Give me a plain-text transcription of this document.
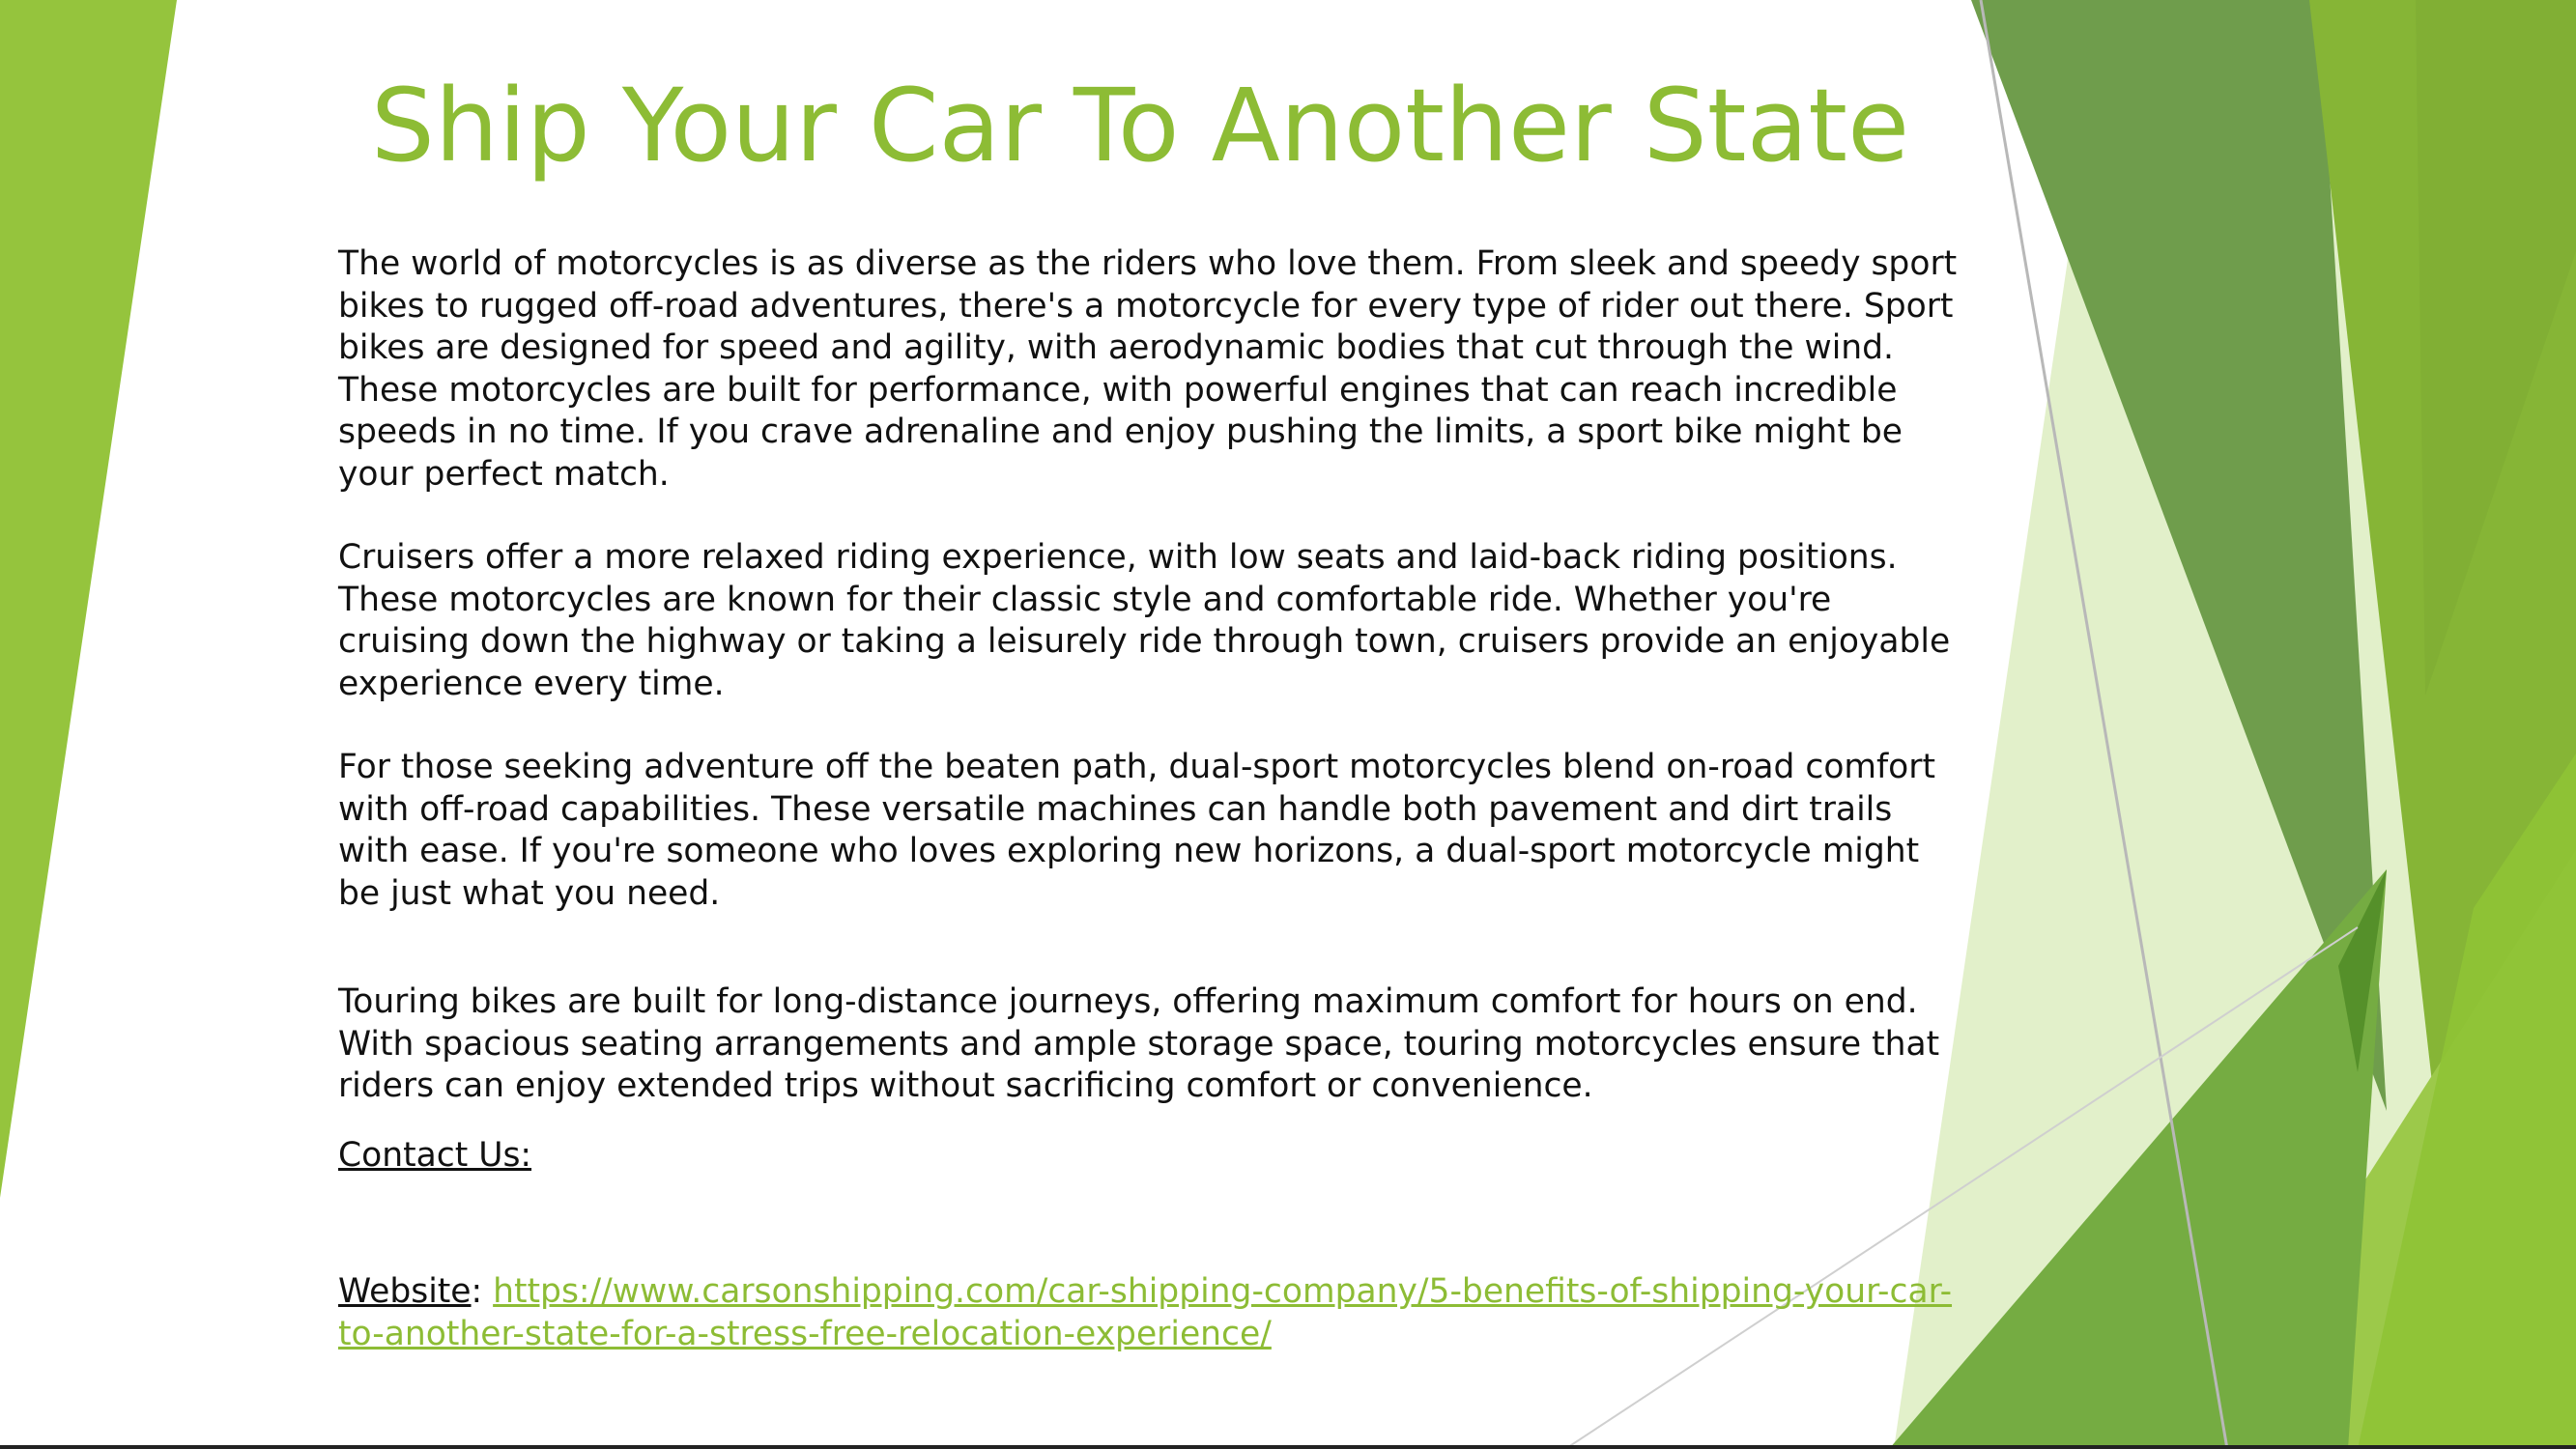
Ship Your Car To Another State

The world of motorcycles is as diverse as the riders who love them. From sleek and speedy sport bikes to rugged off-road adventures, there's a motorcycle for every type of rider out there. Sport bikes are designed for speed and agility, with aerodynamic bodies that cut through the wind. These motorcycles are built for performance, with powerful engines that can reach incredible speeds in no time. If you crave adrenaline and enjoy pushing the limits, a sport bike might be your perfect match.

Cruisers offer a more relaxed riding experience, with low seats and laid-back riding positions. These motorcycles are known for their classic style and comfortable ride. Whether you're cruising down the highway or taking a leisurely ride through town, cruisers provide an enjoyable experience every time.

For those seeking adventure off the beaten path, dual-sport motorcycles blend on-road comfort with off-road capabilities. These versatile machines can handle both pavement and dirt trails with ease. If you're someone who loves exploring new horizons, a dual-sport motorcycle might be just what you need.

Touring bikes are built for long-distance journeys, offering maximum comfort for hours on end. With spacious seating arrangements and ample storage space, touring motorcycles ensure that riders can enjoy extended trips without sacrificing comfort or convenience.

Contact Us:

Website: https://www.carsonshipping.com/car-shipping-company/5-benefits-of-shipping-your-car-to-another-state-for-a-stress-free-relocation-experience/
